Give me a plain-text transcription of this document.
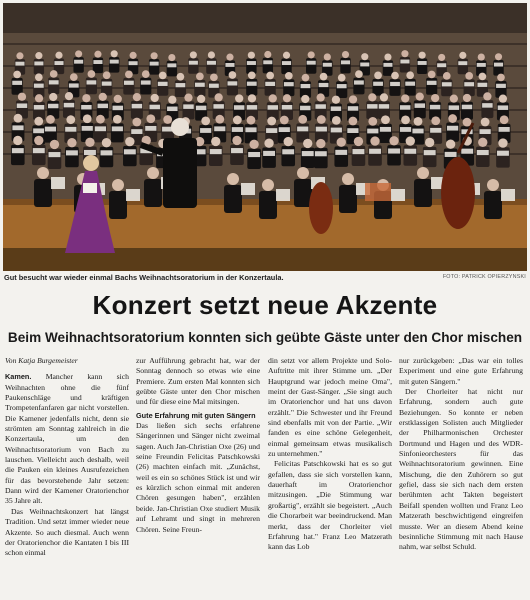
Gut besucht war wieder einmal Bachs Weihnachtsoratorium in der Konzertaula.	FOTO: PATRICK OPIERZYNSKI
Konzert setzt neue Akzente
Beim Weihnachtsoratorium konnten sich geübte Gäste unter den Chor mischen
Von Katja Burgemeister

Kamen. Mancher kann sich Weihnachten ohne die fünf Paukenschläge und kräftigen Trompetenfanfaren gar nicht vorstellen. Die Kamener jedenfalls nicht, denn sie strömten am Sonntag zahlreich in die Konzertaula, um den Weihnachtsoratorium von Bach zu lauschen. Vielleicht auch deshalb, weil die Pauken ein kleines Ausrufezeichen für das bevorstehende Jahr setzen: Dann wird der Kamener Oratorienchor 35 Jahre alt.

Das Weihnachtskonzert hat längst Tradition. Und setzt immer wieder neue Akzente. So auch diesmal. Auch wenn der Oratorienchor die Kantaten I bis III schon einmal

zur Aufführung gebracht hat, war der Sonntag dennoch so etwas wie eine Premiere. Zum ersten Mal konnten sich geübte Gäste unter den Chor mischen und für diese eine Mal mitsingen.

Gute Erfahrung mit guten Sängern

Das ließen sich sechs erfahrene Sängerinnen und Sänger nicht zweimal sagen. Auch Jan-Christian Oxe (26) und seine Freundin Felicitas Patschkowski (26) machten einfach mit. „Zunächst, weil es ein so schönes Stück ist und wir es kürzlich schon einmal mit anderen Chören gesungen haben", erzählen beide. Jan-Christian Oxe studiert Musik auf Lehramt und singt in mehreren Chören. Seine Freun-

din setzt vor allem Projekte und Solo-Auftritte mit ihrer Stimme um. „Der Hauptgrund war jedoch meine Oma", meint der Gast-Sänger. „Sie singt auch im Oratorienchor und hat uns davon erzählt." Die Schwester und ihr Freund sind ebenfalls mit von der Partie. „Wir fanden es eine schöne Gelegenheit, einmal gemeinsam etwas musikalisch zu unternehmen."

Felicitas Patschkowski hat es so gut gefallen, dass sie sich vorstellen kann, dauerhaft im Oratorienchor mitzusingen. „Die Stimmung war großartig", erzählt sie begeistert. „Auch die Chorarbeit war beeindruckend. Man merkt, dass der Chorleiter viel Erfahrung hat." Franz Leo Matzerath kann das Lob

nur zurückgeben: „Das war ein tolles Experiment und eine gute Erfahrung mit guten Sängern."

Der Chorleiter hat nicht nur Erfahrung, sondern auch gute Beziehungen. So konnte er neben erstklassigen Solisten auch Mitglieder der Philharmonischen Orchester Dortmund und Hagen und des WDR-Sinfonieorchesters für das Weihnachtsoratorium gewinnen. Eine Mischung, die den Zuhörern so gut gefiel, dass sie sich nach dem ersten berühmten acht Takten begeistert Beifall spenden wollten und Franz Leo Matzerath beschwichtigend eingreifen musste. Wer an diesem Abend keine besinnliche Stimmung mit nach Hause nahm, war selbst Schuld.
